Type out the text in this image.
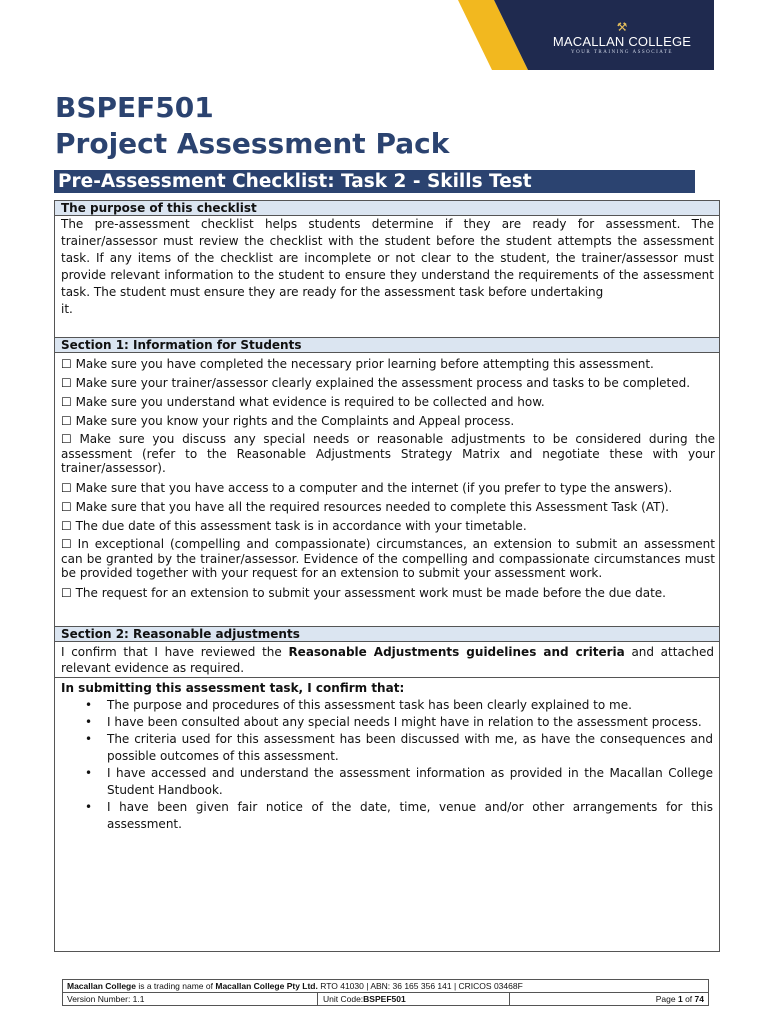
⚒
MACALLAN COLLEGE
YOUR TRAINING ASSOCIATE
BSPEF501
Project Assessment Pack
Pre-Assessment Checklist: Task 2 - Skills Test
The purpose of this checklist
The pre-assessment checklist helps students determine if they are ready for assessment. The trainer/assessor must review the checklist with the student before the student attempts the assessment task. If any items of the checklist are incomplete or not clear to the student, the trainer/assessor must provide relevant information to the student to ensure they understand the requirements of the assessment task. The student must ensure they are ready for the assessment task before undertaking
it.
Section 1: Information for Students
☐ Make sure you have completed the necessary prior learning before attempting this assessment.
☐ Make sure your trainer/assessor clearly explained the assessment process and tasks to be completed.
☐ Make sure you understand what evidence is required to be collected and how.
☐ Make sure you know your rights and the Complaints and Appeal process.
☐ Make sure you discuss any special needs or reasonable adjustments to be considered during the assessment (refer to the Reasonable Adjustments Strategy Matrix and negotiate these with your trainer/assessor).
☐ Make sure that you have access to a computer and the internet (if you prefer to type the answers).
☐ Make sure that you have all the required resources needed to complete this Assessment Task (AT).
☐ The due date of this assessment task is in accordance with your timetable.
☐ In exceptional (compelling and compassionate) circumstances, an extension to submit an assessment can be granted by the trainer/assessor. Evidence of the compelling and compassionate circumstances must be provided together with your request for an extension to submit your assessment work.
☐ The request for an extension to submit your assessment work must be made before the due date.
Section 2: Reasonable adjustments
I confirm that I have reviewed the Reasonable Adjustments guidelines and criteria and attached relevant evidence as required.
In submitting this assessment task, I confirm that:
• The purpose and procedures of this assessment task has been clearly explained to me.
• I have been consulted about any special needs I might have in relation to the assessment process.
• The criteria used for this assessment has been discussed with me, as have the consequences and possible outcomes of this assessment.
• I have accessed and understand the assessment information as provided in the Macallan College Student Handbook.
• I have been given fair notice of the date, time, venue and/or other arrangements for this assessment.
Macallan College is a trading name of Macallan College Pty Ltd. RTO 41030 | ABN: 36 165 356 141 | CRICOS 03468F
Version Number: 1.1	Unit Code:BSPEF501	Page 1 of 74
